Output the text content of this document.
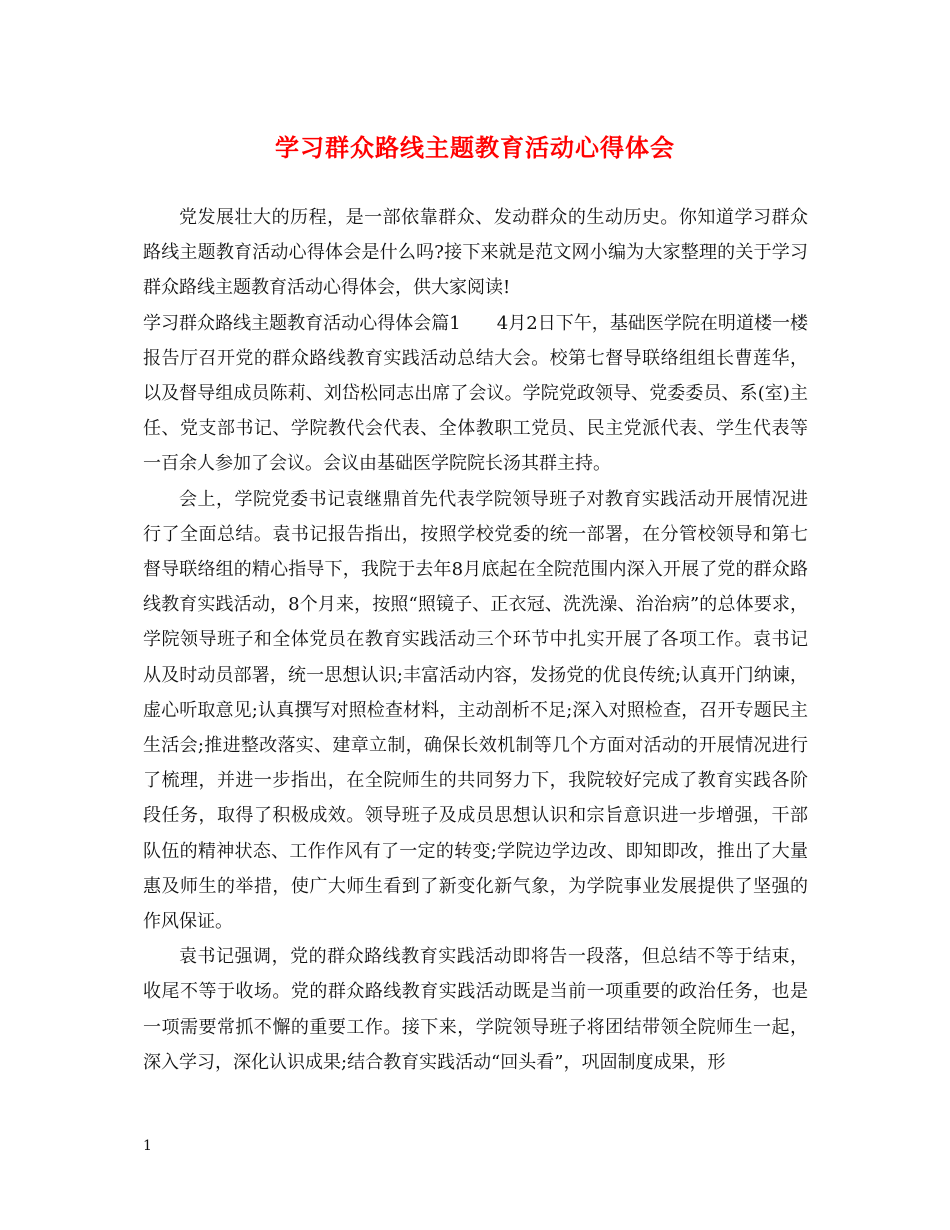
学习群众路线主题教育活动心得体会

党发展壮大的历程，是一部依靠群众、发动群众的生动历史。你知道学习群众路线主题教育活动心得体会是什么吗?接下来就是范文网小编为大家整理的关于学习群众路线主题教育活动心得体会，供大家阅读!

学习群众路线主题教育活动心得体会篇1　　4月2日下午，基础医学院在明道楼一楼报告厅召开党的群众路线教育实践活动总结大会。校第七督导联络组组长曹莲华，以及督导组成员陈莉、刘岱松同志出席了会议。学院党政领导、党委委员、系(室)主任、党支部书记、学院教代会代表、全体教职工党员、民主党派代表、学生代表等一百余人参加了会议。会议由基础医学院院长汤其群主持。

会上，学院党委书记袁继鼎首先代表学院领导班子对教育实践活动开展情况进行了全面总结。袁书记报告指出，按照学校党委的统一部署，在分管校领导和第七督导联络组的精心指导下，我院于去年8月底起在全院范围内深入开展了党的群众路线教育实践活动，8个月来，按照“照镜子、正衣冠、洗洗澡、治治病”的总体要求，学院领导班子和全体党员在教育实践活动三个环节中扎实开展了各项工作。袁书记从及时动员部署，统一思想认识;丰富活动内容，发扬党的优良传统;认真开门纳谏，虚心听取意见;认真撰写对照检查材料，主动剖析不足;深入对照检查，召开专题民主生活会;推进整改落实、建章立制，确保长效机制等几个方面对活动的开展情况进行了梳理，并进一步指出，在全院师生的共同努力下，我院较好完成了教育实践各阶段任务，取得了积极成效。领导班子及成员思想认识和宗旨意识进一步增强，干部队伍的精神状态、工作作风有了一定的转变;学院边学边改、即知即改，推出了大量惠及师生的举措，使广大师生看到了新变化新气象，为学院事业发展提供了坚强的作风保证。

袁书记强调，党的群众路线教育实践活动即将告一段落，但总结不等于结束，收尾不等于收场。党的群众路线教育实践活动既是当前一项重要的政治任务，也是一项需要常抓不懈的重要工作。接下来，学院领导班子将团结带领全院师生一起，深入学习，深化认识成果;结合教育实践活动“回头看”，巩固制度成果，形

1
